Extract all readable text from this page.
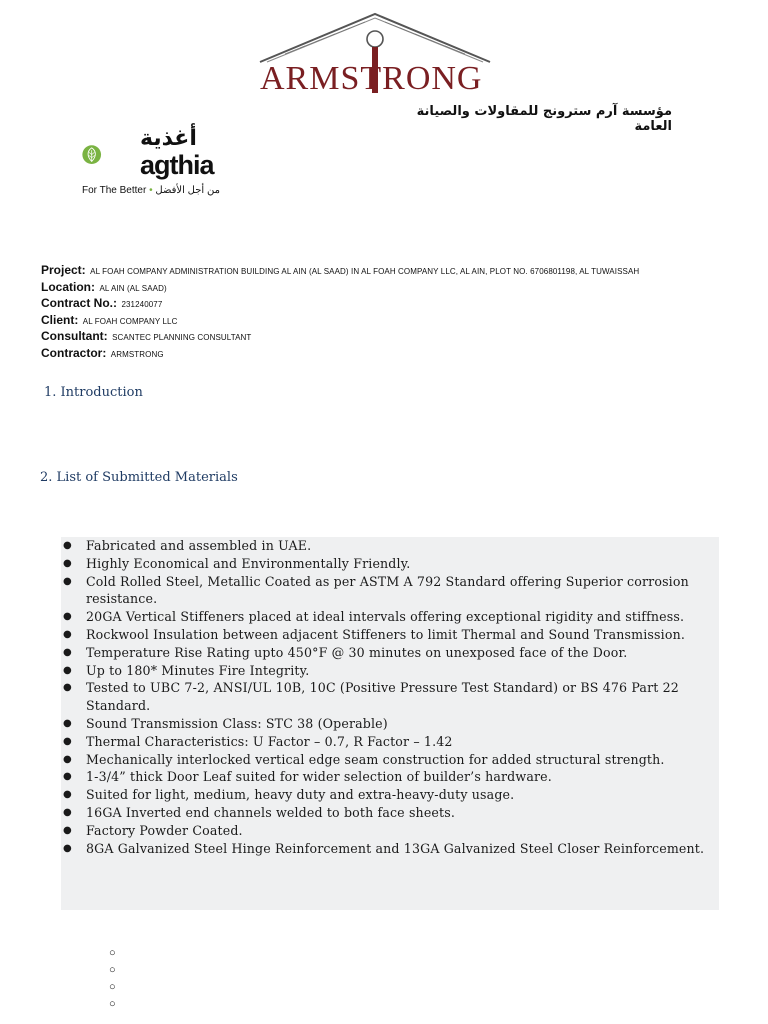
ARMSTRONG
مؤسسة آرم سترونج للمقاولات والصيانة العامة
أغذية
agthia
For The Better • من أجل الأفضل
Project: AL FOAH COMPANY ADMINISTRATION BUILDING AL AIN (AL SAAD) IN AL FOAH COMPANY LLC, AL AIN, PLOT NO. 6706801198, AL TUWAISSAH
Location: AL AIN (AL SAAD)
Contract No.: 231240077
Client: AL FOAH COMPANY LLC
Consultant: SCANTEC PLANNING CONSULTANT
Contractor: ARMSTRONG
1. Introduction
2. List of Submitted Materials
● Fabricated and assembled in UAE.
● Highly Economical and Environmentally Friendly.
● Cold Rolled Steel, Metallic Coated as per ASTM A 792 Standard offering Superior corrosion resistance.
● 20GA Vertical Stiffeners placed at ideal intervals offering exceptional rigidity and stiffness.
● Rockwool Insulation between adjacent Stiffeners to limit Thermal and Sound Transmission.
● Temperature Rise Rating upto 450°F @ 30 minutes on unexposed face of the Door.
● Up to 180* Minutes Fire Integrity.
● Tested to UBC 7-2, ANSI/UL 10B, 10C (Positive Pressure Test Standard) or BS 476 Part 22 Standard.
● Sound Transmission Class: STC 38 (Operable)
● Thermal Characteristics: U Factor – 0.7, R Factor – 1.42
● Mechanically interlocked vertical edge seam construction for added structural strength.
● 1-3/4” thick Door Leaf suited for wider selection of builder’s hardware.
● Suited for light, medium, heavy duty and extra-heavy-duty usage.
● 16GA Inverted end channels welded to both face sheets.
● Factory Powder Coated.
● 8GA Galvanized Steel Hinge Reinforcement and 13GA Galvanized Steel Closer Reinforcement.
○
○
○
○
